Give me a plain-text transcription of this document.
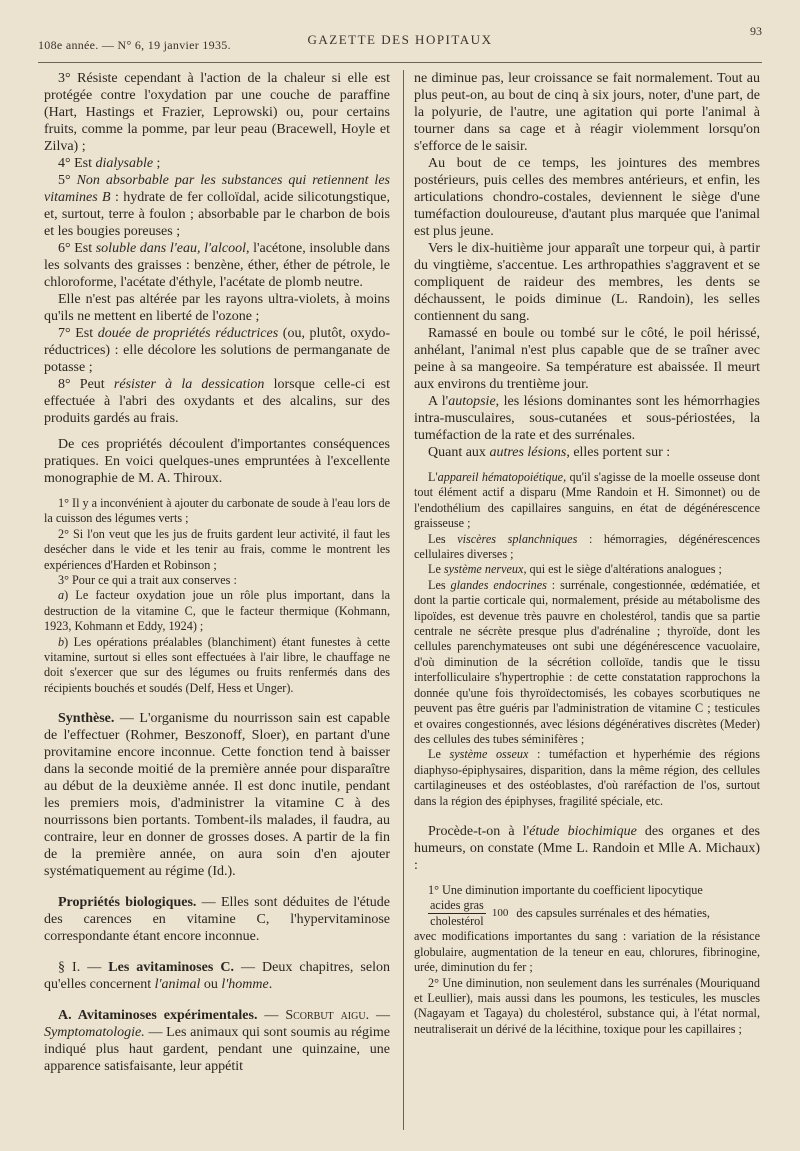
108e année. — N° 6, 19 janvier 1935.	GAZETTE DES HOPITAUX
93

3° Résiste cependant à l'action de la chaleur si elle est protégée contre l'oxydation par une couche de paraffine (Hart, Hastings et Frazier, Leprowski) ou, pour certains fruits, comme la pomme, par leur peau (Bracewell, Hoyle et Zilva) ;

4° Est dialysable ;

5° Non absorbable par les substances qui retiennent les vitamines B : hydrate de fer colloïdal, acide silicotungstique, et, surtout, terre à foulon ; absorbable par le charbon de bois et les bougies poreuses ;

6° Est soluble dans l'eau, l'alcool, l'acétone, insoluble dans les solvants des graisses : benzène, éther, éther de pétrole, le chloroforme, l'acétate d'éthyle, l'acétate de plomb neutre.

Elle n'est pas altérée par les rayons ultra-violets, à moins qu'ils ne mettent en liberté de l'ozone ;

7° Est douée de propriétés réductrices (ou, plutôt, oxydo-réductrices) : elle décolore les solutions de permanganate de potasse ;

8° Peut résister à la dessication lorsque celle-ci est effectuée à l'abri des oxydants et des alcalins, sur des produits gardés au frais.

De ces propriétés découlent d'importantes conséquences pratiques. En voici quelques-unes empruntées à l'excellente monographie de M. A. Thiroux.

1° Il y a inconvénient à ajouter du carbonate de soude à l'eau lors de la cuisson des légumes verts ;

2° Si l'on veut que les jus de fruits gardent leur activité, il faut les desécher dans le vide et les tenir au frais, comme le montrent les expériences d'Harden et Robinson ;

3° Pour ce qui a trait aux conserves :

a) Le facteur oxydation joue un rôle plus important, dans la destruction de la vitamine C, que le facteur thermique (Kohmann, 1923, Kohmann et Eddy, 1924) ;

b) Les opérations préalables (blanchiment) étant funestes à cette vitamine, surtout si elles sont effectuées à l'air libre, le chauffage ne doit s'exercer que sur des légumes ou fruits renfermés dans des récipients bouchés et soudés (Delf, Hess et Unger).

Synthèse. — L'organisme du nourrisson sain est capable de l'effectuer (Rohmer, Beszonoff, Sloer), en partant d'une provitamine encore inconnue. Cette fonction tend à baisser dans la seconde moitié de la première année pour disparaître au début de la deuxième année. Il est donc inutile, pendant les premiers mois, d'administrer la vitamine C à des nourrissons bien portants. Tombent-ils malades, il faudra, au contraire, leur en donner de grosses doses. A partir de la fin de la première année, on aura soin d'en ajouter systématiquement au régime (Id.).

Propriétés biologiques. — Elles sont déduites de l'étude des carences en vitamine C, l'hypervitaminose correspondante étant encore inconnue.

§ I. — Les avitaminoses C. — Deux chapitres, selon qu'elles concernent l'animal ou l'homme.

A. Avitaminoses expérimentales. — Scorbut aigu. — Symptomatologie. — Les animaux qui sont soumis au régime indiqué plus haut gardent, pendant une quinzaine, une apparence satisfaisante, leur appétit

ne diminue pas, leur croissance se fait normalement. Tout au plus peut-on, au bout de cinq à six jours, noter, d'une part, de la polyurie, de l'autre, une agitation qui porte l'animal à tourner dans sa cage et à réagir violemment lorsqu'on s'efforce de le saisir.

Au bout de ce temps, les jointures des membres postérieurs, puis celles des membres antérieurs, et enfin, les articulations chondro-costales, deviennent le siège d'une tuméfaction douloureuse, d'autant plus marquée que l'animal est plus jeune.

Vers le dix-huitième jour apparaît une torpeur qui, à partir du vingtième, s'accentue. Les arthropathies s'aggravent et se compliquent de raideur des membres, les dents se déchaussent, le poids diminue (L. Randoin), les selles contiennent du sang.

Ramassé en boule ou tombé sur le côté, le poil hérissé, anhélant, l'animal n'est plus capable que de se traîner avec peine à sa mangeoire. Sa température est abaissée. Il meurt aux environs du trentième jour.

A l'autopsie, les lésions dominantes sont les hémorrhagies intra-musculaires, sous-cutanées et sous-périostées, la tuméfaction de la rate et des surrénales.

Quant aux autres lésions, elles portent sur :

L'appareil hématopoiétique, qu'il s'agisse de la moelle osseuse dont tout élément actif a disparu (Mme Randoin et H. Simonnet) ou de l'endothélium des capillaires sanguins, en état de dégénérescence graisseuse ;

Les viscères splanchniques : hémorragies, dégénérescences cellulaires diverses ;

Le système nerveux, qui est le siège d'altérations analogues ;

Les glandes endocrines : surrénale, congestionnée, œdématiée, et dont la partie corticale qui, normalement, préside au métabolisme des lipoïdes, est devenue très pauvre en cholestérol, tandis que sa partie centrale ne sécrète presque plus d'adrénaline ; thyroïde, dont les cellules parenchymateuses ont subi une dégénérescence vacuolaire, d'où diminution de la sécrétion colloïde, tandis que le tissu interfolliculaire s'hypertrophie : de cette constatation rapprochons la donnée qu'une fois thyroïdectomisés, les cobayes scorbutiques ne peuvent pas être guéris par l'administration de vitamine C ; testicules et ovaires congestionnés, avec lésions dégénératives discrètes (Meder) des cellules des tubes séminifères ;

Le système osseux : tuméfaction et hyperhémie des régions diaphyso-épiphysaires, disparition, dans la même région, des cellules cartilagineuses et des ostéoblastes, d'où raréfaction de l'os, surtout dans la région des épiphyses, fragilité spéciale, etc.

Procède-t-on à l'étude biochimique des organes et des humeurs, on constate (Mme L. Randoin et Mlle A. Michaux) :

1° Une diminution importante du coefficient lipocytique

$\frac{\text{acides gras}}{\text{cholestérol}} 100$ des capsules surrénales et des hématies,

avec modifications importantes du sang : variation de la résistance globulaire, augmentation de la teneur en eau, chlorures, fibrinogine, urée, diminution du fer ;

2° Une diminution, non seulement dans les surrénales (Mouriquand et Leullier), mais aussi dans les poumons, les testicules, les muscles (Nagayam et Tagaya) du cholestérol, substance qui, à l'état normal, neutraliserait un dérivé de la lécithine, toxique pour les capillaires ;
